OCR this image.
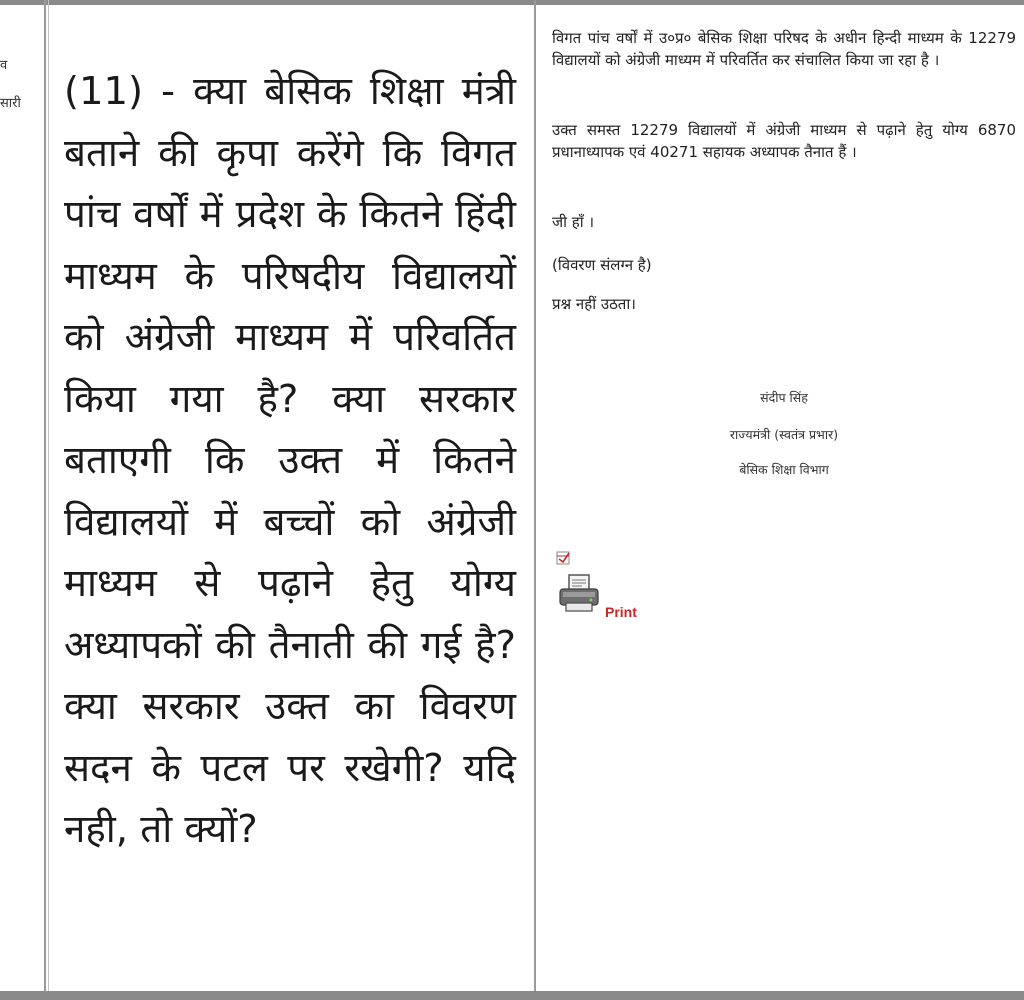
व
सारी (11) - क्या बेसिक शिक्षा मंत्री बताने की कृपा करेंगे कि विगत पांच वर्षों में प्रदेश के कितने हिंदी माध्यम के परिषदीय विद्यालयों को अंग्रेजी माध्यम में परिवर्तित किया गया है? क्या सरकार बताएगी कि उक्त में कितने विद्यालयों में बच्चों को अंग्रेजी माध्यम से पढ़ाने हेतु योग्य अध्यापकों की तैनाती की गई है? क्या सरकार उक्त का विवरण सदन के पटल पर रखेगी? यदि नही, तो क्यों?
विगत पांच वर्षों में उ०प्र० बेसिक शिक्षा परिषद के अधीन हिन्दी माध्यम के 12279 विद्यालयों को अंग्रेजी माध्यम में परिवर्तित कर संचालित किया जा रहा है ।
उक्त समस्त 12279 विद्यालयों में अंग्रेजी माध्यम से पढ़ाने हेतु योग्य 6870 प्रधानाध्यापक एवं 40271 सहायक अध्यापक तैनात हैं ।
जी हाँ ।
(विवरण संलग्न है)
प्रश्न नहीं उठता।
संदीप सिंह
राज्यमंत्री (स्वतंत्र प्रभार)
बेसिक शिक्षा विभाग
Print
